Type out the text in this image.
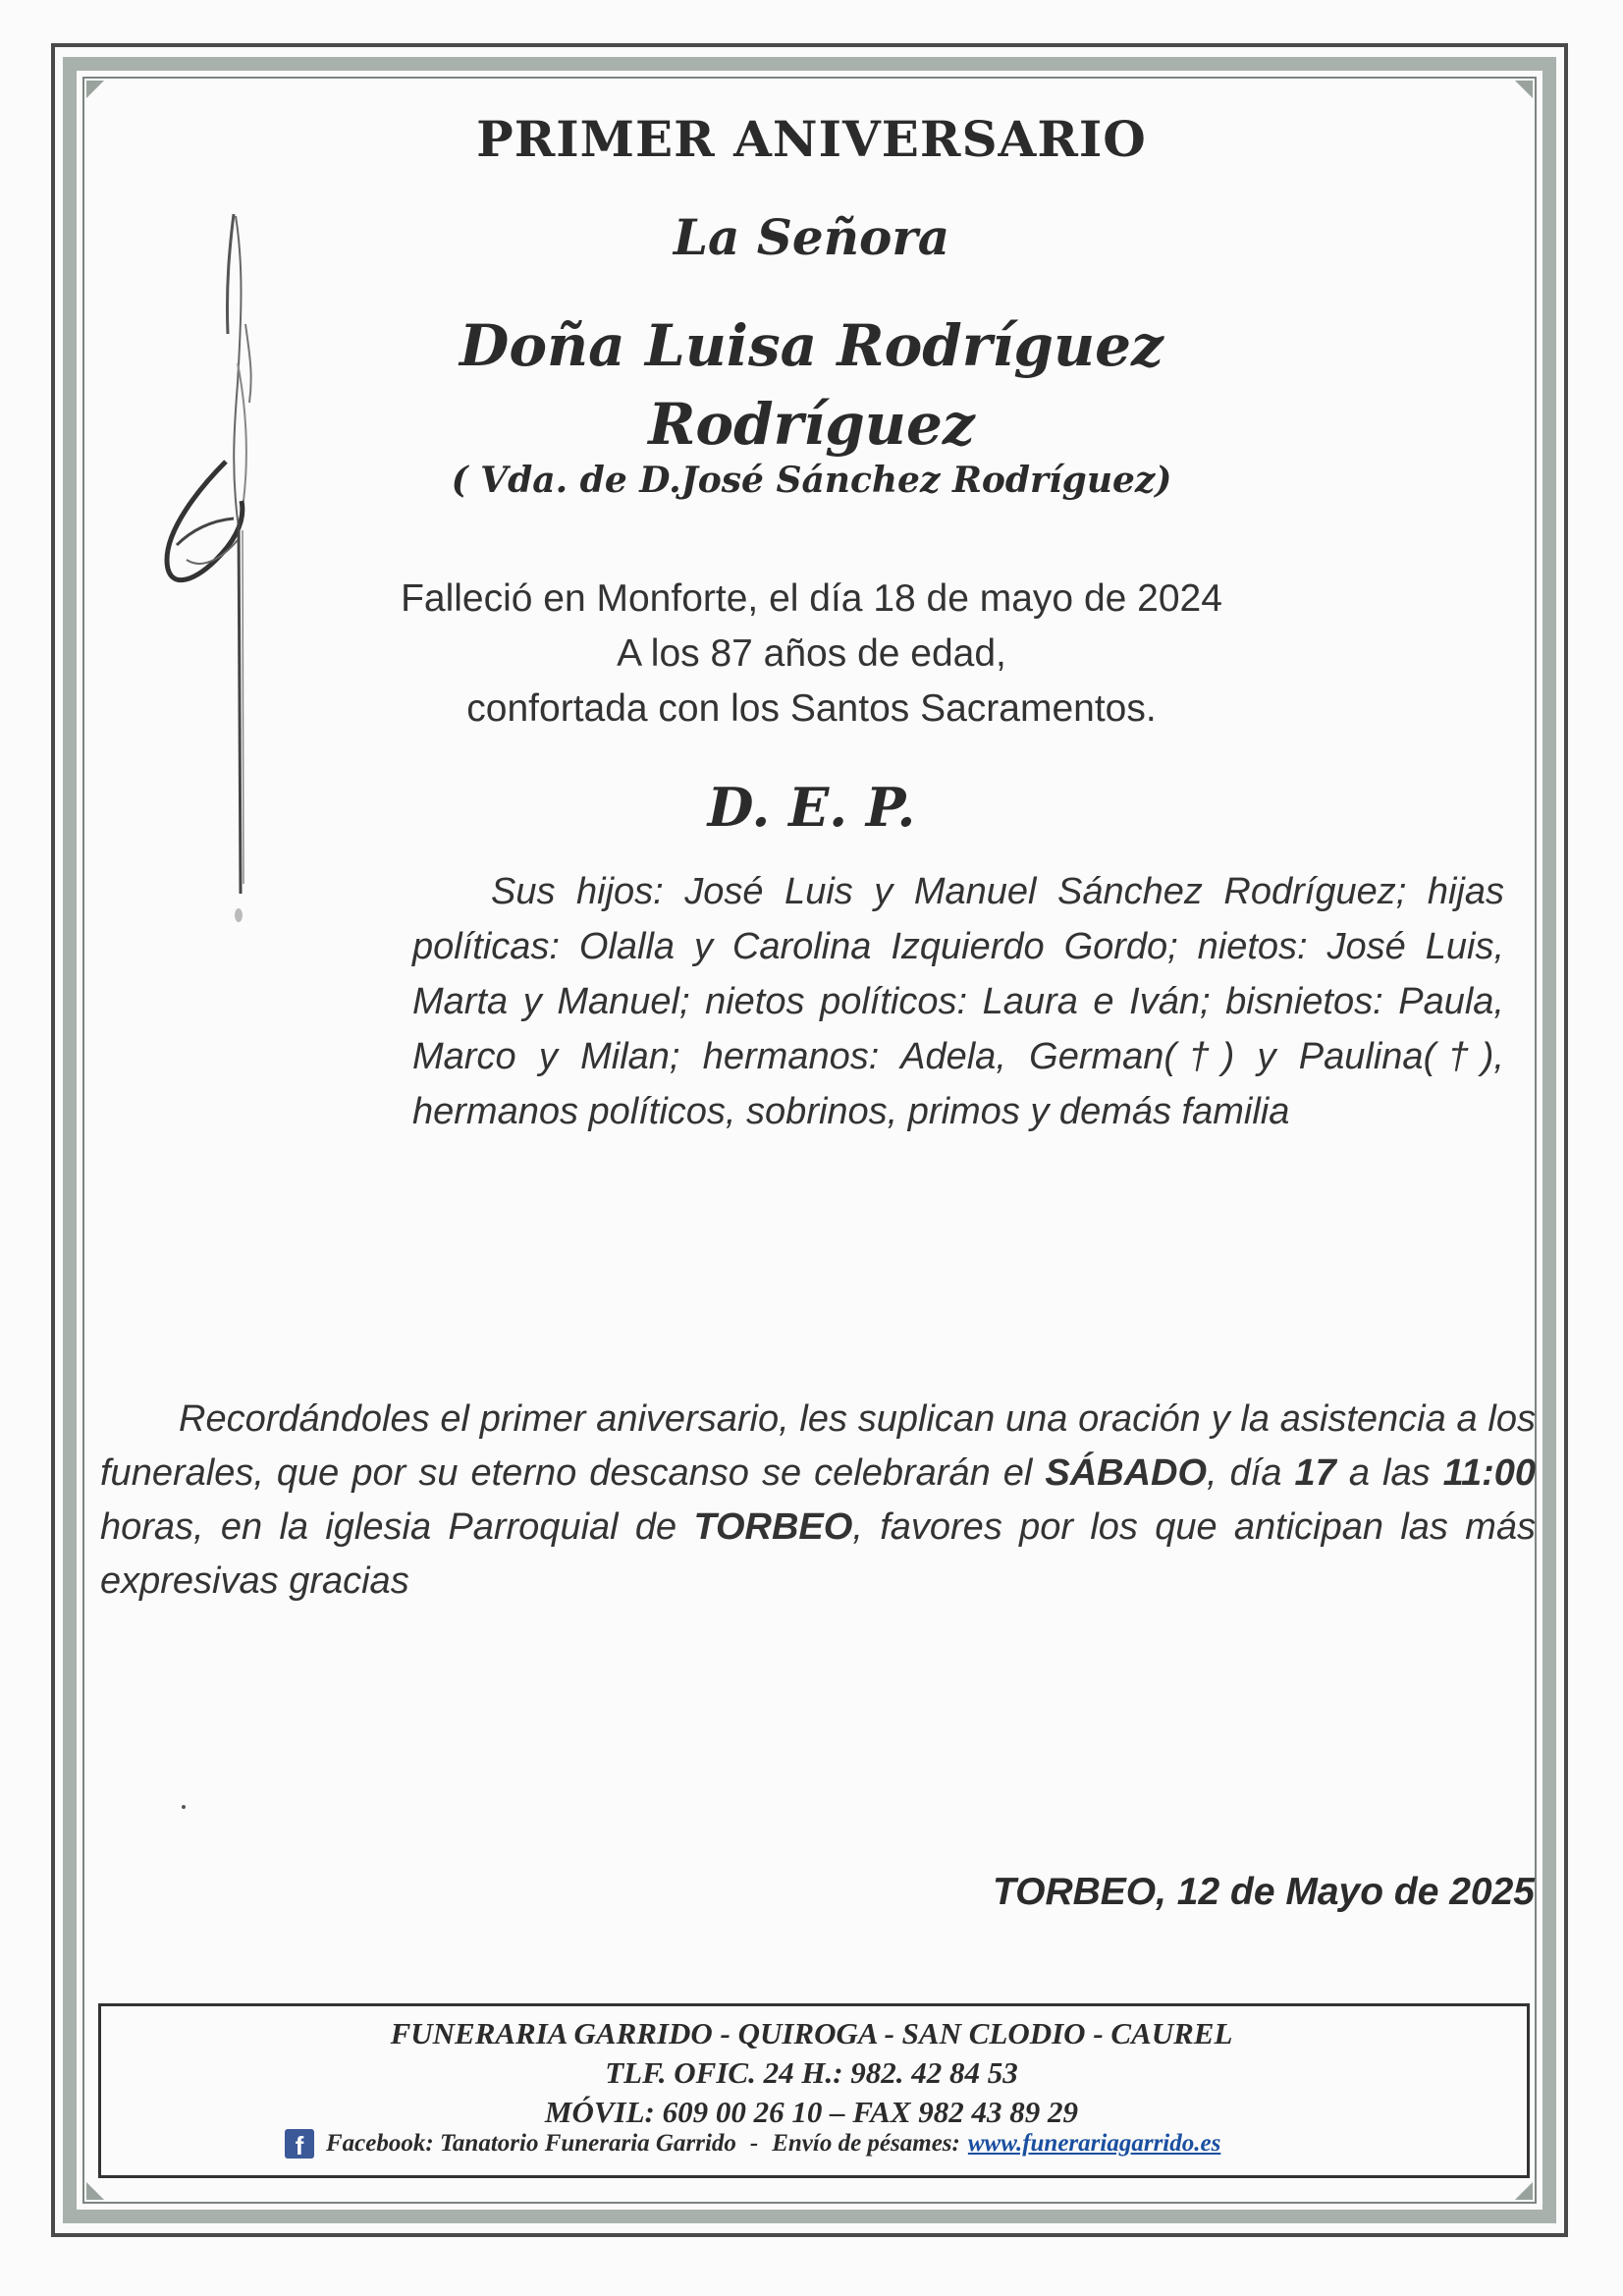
PRIMER ANIVERSARIO
La Señora
Doña Luisa Rodríguez
Rodríguez
( Vda. de D.José Sánchez Rodríguez)
Falleció en Monforte, el día 18 de mayo de 2024
A los 87 años de edad,
confortada con los Santos Sacramentos.
D. E. P.

Sus hijos: José Luis y Manuel Sánchez Rodríguez; hijas políticas: Olalla y Carolina Izquierdo Gordo; nietos: José Luis, Marta y Manuel; nietos políticos: Laura e Iván; bisnietos: Paula, Marco y Milan; hermanos: Adela, German(†) y Paulina(†), hermanos políticos, sobrinos, primos y demás familia

Recordándoles el primer aniversario, les suplican una oración y la asistencia a los funerales, que por su eterno descanso se celebrarán el SÁBADO, día 17 a las 11:00 horas, en la iglesia Parroquial de TORBEO, favores por los que anticipan las más expresivas gracias

TORBEO, 12 de Mayo de 2025
FUNERARIA GARRIDO - QUIROGA - SAN CLODIO - CAUREL
TLF. OFIC. 24 H.: 982. 42 84 53
MÓVIL: 609 00 26 10 – FAX 982 43 89 29
f Facebook: Tanatorio Funeraria Garrido - Envío de pésames: www.funerariagarrido.es
